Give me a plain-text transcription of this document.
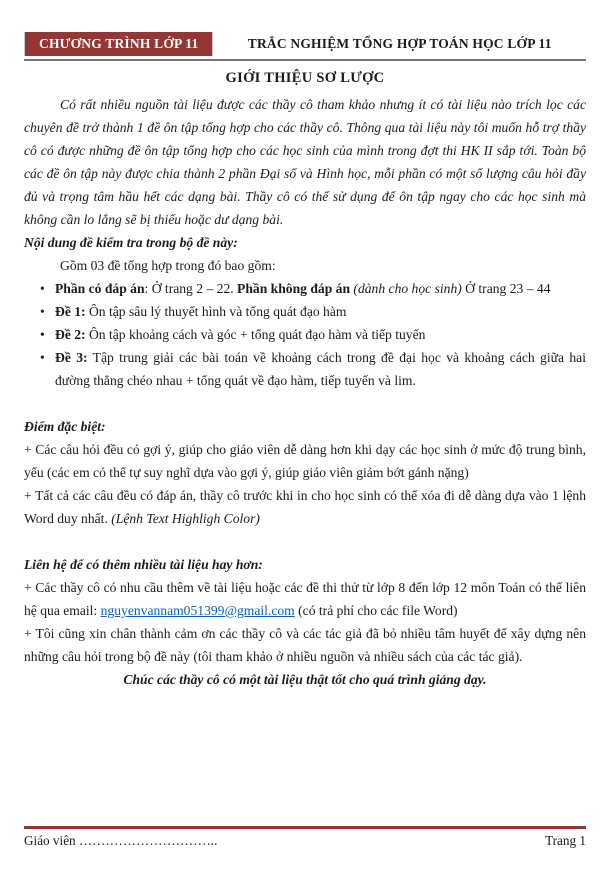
CHƯƠNG TRÌNH LỚP 11	TRẮC NGHIỆM TỔNG HỢP TOÁN HỌC LỚP 11
GIỚI THIỆU SƠ LƯỢC
Có rất nhiều nguồn tài liệu được các thầy cô tham khảo nhưng ít có tài liệu nào trích lọc các chuyên đề trở thành 1 đề ôn tập tổng hợp cho các thầy cô. Thông qua tài liệu này tôi muốn hỗ trợ thầy cô có được những đề ôn tập tổng hợp cho các học sinh của mình trong đợt thi HK II sắp tới. Toàn bộ các đề ôn tập này được chia thành 2 phần Đại số và Hình học, mỗi phần có một số lượng câu hỏi đầy đủ và trọng tâm hầu hết các dạng bài. Thầy cô có thể sử dụng để ôn tập ngay cho các học sinh mà không cần lo lắng sẽ bị thiếu hoặc dư dạng bài.
Nội dung đề kiểm tra trong bộ đề này:
Gồm 03 đề tổng hợp trong đó bao gồm:
• Phần có đáp án: Ở trang 2 – 22. Phần không đáp án (dành cho học sinh) Ở trang 23 – 44
• Đề 1: Ôn tập sâu lý thuyết hình và tổng quát đạo hàm
• Đề 2: Ôn tập khoảng cách và góc + tổng quát đạo hàm và tiếp tuyến
• Đề 3: Tập trung giải các bài toán về khoảng cách trong đề đại học và khoảng cách giữa hai đường thẳng chéo nhau + tổng quát về đạo hàm, tiếp tuyến và lim.
Điểm đặc biệt:
+ Các câu hỏi đều có gợi ý, giúp cho giáo viên dễ dàng hơn khi dạy các học sinh ở mức độ trung bình, yếu (các em có thể tự suy nghĩ dựa vào gợi ý, giúp giáo viên giảm bớt gánh nặng)
+ Tất cả các câu đều có đáp án, thầy cô trước khi in cho học sinh có thể xóa đi dễ dàng dựa vào 1 lệnh Word duy nhất. (Lệnh Text Highligh Color)
Liên hệ để có thêm nhiều tài liệu hay hơn:
+ Các thầy cô có nhu cầu thêm về tài liệu hoặc các đề thi thử từ lớp 8 đến lớp 12 môn Toán có thể liên hệ qua email: nguyenvannam051399@gmail.com (có trả phí cho các file Word)
+ Tôi cũng xin chân thành cảm ơn các thầy cô và các tác giả đã bỏ nhiều tâm huyết để xây dựng nên những câu hỏi trong bộ đề này (tôi tham khảo ở nhiều nguồn và nhiều sách của các tác giả).
Chúc các thầy cô có một tài liệu thật tốt cho quá trình giảng dạy.
Giáo viên …………………………..	Trang 1
